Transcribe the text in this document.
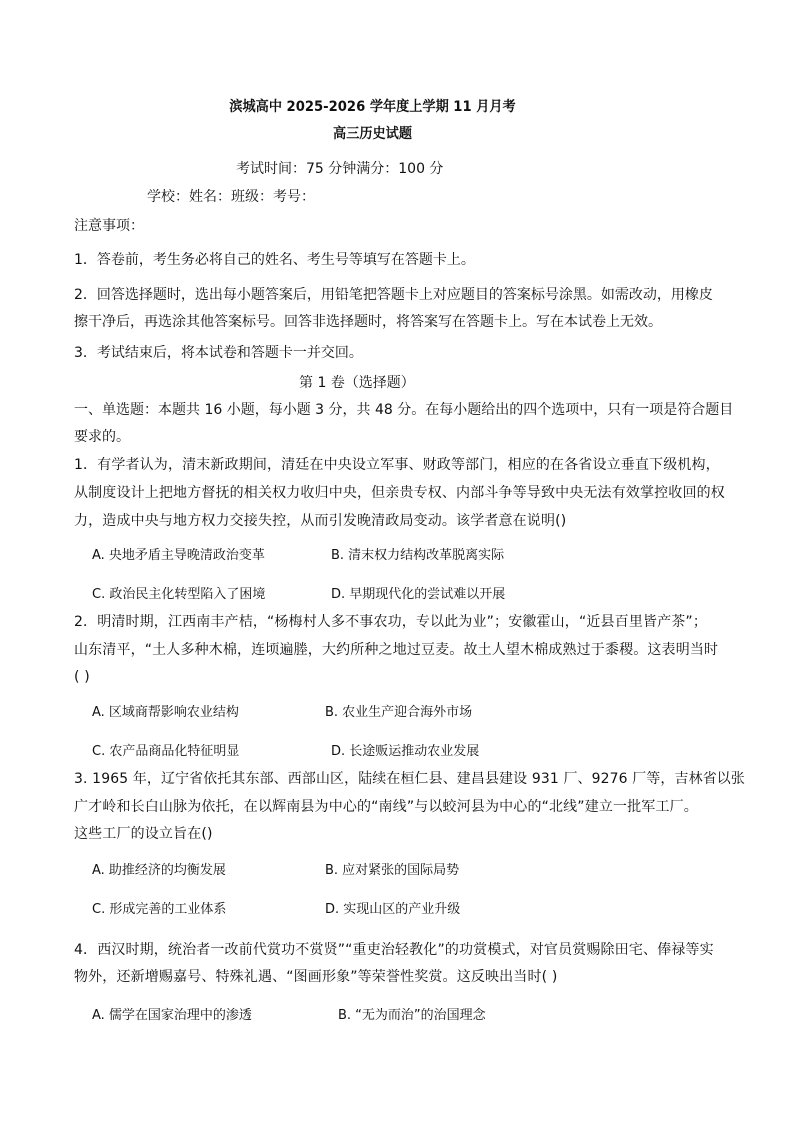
滨城高中 2025-2026 学年度上学期 11 月月考
高三历史试题
考试时间：75 分钟满分：100 分
学校：姓名：班级：考号：
注意事项：
1．答卷前，考生务必将自己的姓名、考生号等填写在答题卡上。
2．回答选择题时，选出每小题答案后，用铅笔把答题卡上对应题目的答案标号涂黑。如需改动，用橡皮
擦干净后，再选涂其他答案标号。回答非选择题时，将答案写在答题卡上。写在本试卷上无效。
3．考试结束后，将本试卷和答题卡一并交回。
第 1 卷（选择题）
一、单选题：本题共 16 小题，每小题 3 分，共 48 分。在每小题给出的四个选项中，只有一项是符合题目
要求的。
1．有学者认为，清末新政期间，清廷在中央设立军事、财政等部门，相应的在各省设立垂直下级机构，
从制度设计上把地方督抚的相关权力收归中央，但亲贵专权、内部斗争等导致中央无法有效掌控收回的权
力，造成中央与地方权力交接失控，从而引发晚清政局变动。该学者意在说明()
A. 央地矛盾主导晚清政治变革	B. 清末权力结构改革脱离实际
C. 政治民主化转型陷入了困境	D. 早期现代化的尝试难以开展
2．明清时期，江西南丰产桔，“杨梅村人多不事农功，专以此为业”；安徽霍山，“近县百里皆产茶”；
山东清平，“土人多种木棉，连顷遍塍，大约所种之地过豆麦。故土人望木棉成熟过于黍稷。这表明当时
( )
A. 区域商帮影响农业结构	B. 农业生产迎合海外市场
C. 农产品商品化特征明显	D. 长途贩运推动农业发展
3. 1965 年，辽宁省依托其东部、西部山区，陆续在桓仁县、建昌县建设 931 厂、9276 厂等，吉林省以张
广才岭和长白山脉为依托，在以辉南县为中心的“南线”与以蛟河县为中心的“北线”建立一批军工厂。
这些工厂的设立旨在()
A. 助推经济的均衡发展	B. 应对紧张的国际局势
C. 形成完善的工业体系	D. 实现山区的产业升级
4．西汉时期，统治者一改前代赏功不赏贤”“重吏治轻教化”的功赏模式，对官员赏赐除田宅、俸禄等实
物外，还新增赐嘉号、特殊礼遇、“图画形象”等荣誉性奖赏。这反映出当时( )
A. 儒学在国家治理中的渗透	B. “无为而治”的治国理念
